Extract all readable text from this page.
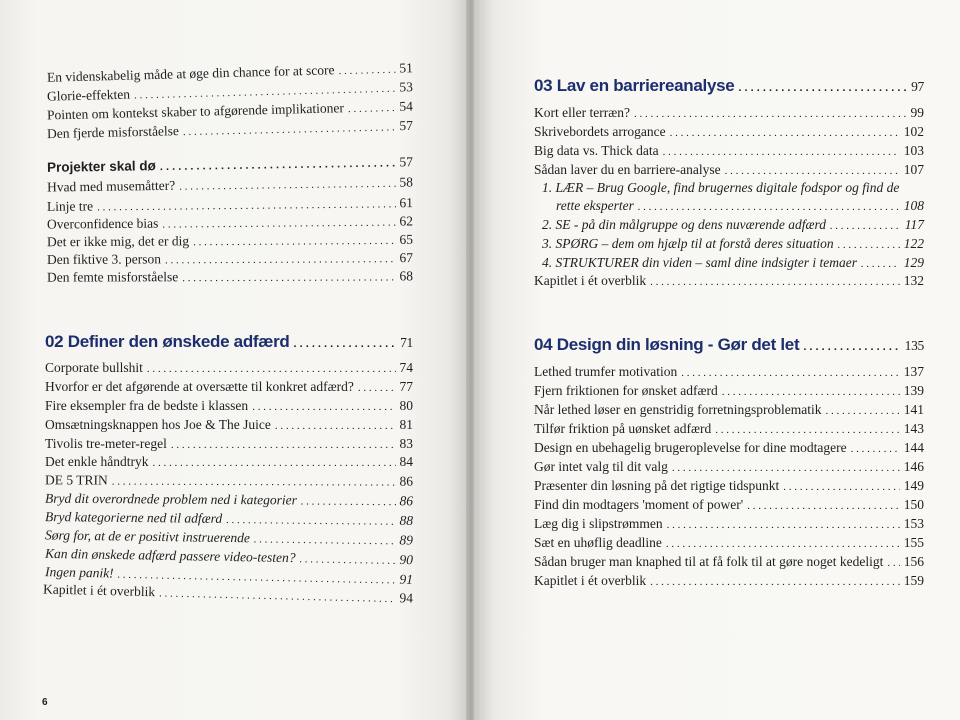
En videnskabelig måde at øge din chance for at score . . .	51
Glorie-effekten . . .	53
Pointen om kontekst skaber to afgørende implikationer . . .	54
Den fjerde misforståelse . . .	57
Projekter skal dø . . .	57
Hvad med musemåtter? . . .	58
Linje tre . . .	61
Overconfidence bias . . .	62
Det er ikke mig, det er dig . . .	65
Den fiktive 3. person . . .	67
Den femte misforståelse . . .	68
02 Definer den ønskede adfærd . . .	71
Corporate bullshit . . .	74
Hvorfor er det afgørende at oversætte til konkret adfærd? . . .	77
Fire eksempler fra de bedste i klassen . . .	80
Omsætningsknappen hos Joe & The Juice . . .	81
Tivolis tre-meter-regel . . .	83
Det enkle håndtryk . . .	84
DE 5 TRIN . . .	86
Bryd dit overordnede problem ned i kategorier . . .	86
Bryd kategorierne ned til adfærd . . .	88
Sørg for, at de er positivt instruerende . . .	89
Kan din ønskede adfærd passere video-testen? . . .	90
Ingen panik! . . .	91
Kapitlet i ét overblik . . .	94
6
03 Lav en barriereanalyse . . .	97
Kort eller terræn? . . .	99
Skrivebordets arrogance . . .	102
Big data vs. Thick data . . .	103
Sådan laver du en barriere-analyse . . .	107
1. LÆR – Brug Google, find brugernes digitale fodspor og find de
rette eksperter . . .	108
2. SE - på din målgruppe og dens nuværende adfærd . . .	117
3. SPØRG – dem om hjælp til at forstå deres situation . . .	122
4. STRUKTURER din viden – saml dine indsigter i temaer . . .	129
Kapitlet i ét overblik . . .	132
04 Design din løsning - Gør det let . . .	135
Lethed trumfer motivation . . .	137
Fjern friktionen for ønsket adfærd . . .	139
Når lethed løser en genstridig forretningsproblematik . . .	141
Tilfør friktion på uønsket adfærd . . .	143
Design en ubehagelig brugeroplevelse for dine modtagere . . .	144
Gør intet valg til dit valg . . .	146
Præsenter din løsning på det rigtige tidspunkt . . .	149
Find din modtagers 'moment of power' . . .	150
Læg dig i slipstrømmen . . .	153
Sæt en uhøflig deadline . . .	155
Sådan bruger man knaphed til at få folk til at gøre noget kedeligt . . . 156
Kapitlet i ét overblik . . .	159
